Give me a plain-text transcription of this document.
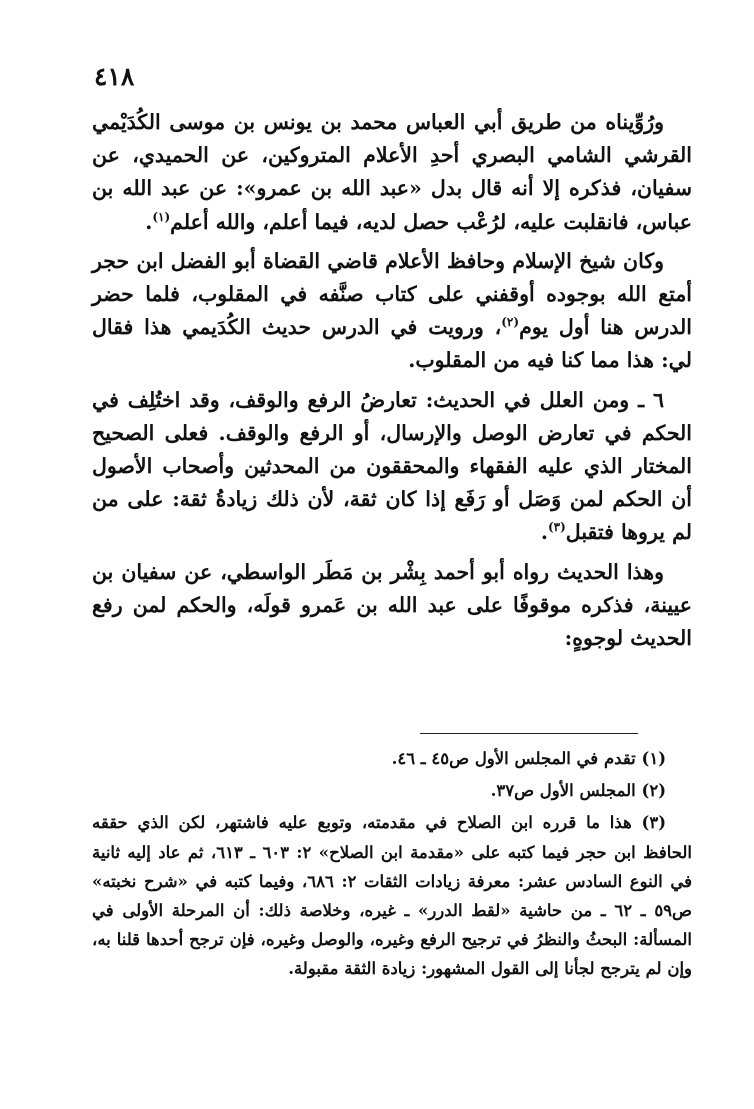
٤١٨

ورُوِّيناه من طريق أبي العباس محمد بن يونس بن موسى الكُدَيْمي القرشي الشامي البصري أحدِ الأعلام المتروكين، عن الحميدي، عن سفيان، فذكره إلا أنه قال بدل «عبد الله بن عمرو»: عن عبد الله بن عباس، فانقلبت عليه، لرُعْب حصل لديه، فيما أعلم، والله أعلم$^{(١)}$.

وكان شيخ الإسلام وحافظ الأعلام قاضي القضاة أبو الفضل ابن حجر أمتع الله بوجوده أوقفني على كتاب صنَّفه في المقلوب، فلما حضر الدرس هنا أول يوم$^{(٢)}$، ورويت في الدرس حديث الكُدَيمي هذا فقال لي: هذا مما كنا فيه من المقلوب.

٦ ـ ومن العلل في الحديث: تعارضُ الرفع والوقف، وقد اختُلِف في الحكم في تعارض الوصل والإرسال، أو الرفع والوقف. فعلى الصحيح المختار الذي عليه الفقهاء والمحققون من المحدثين وأصحاب الأصول أن الحكم لمن وَصَل أو رَفَع إذا كان ثقة، لأن ذلك زيادةُ ثقة: على من لم يروها فتقبل$^{(٣)}$.

وهذا الحديث رواه أبو أحمد بِشْر بن مَطَر الواسطي، عن سفيان بن عيينة، فذكره موقوفًا على عبد الله بن عَمرو قولَه، والحكم لمن رفع الحديث لوجوهٍ:

(١) تقدم في المجلس الأول ص٤٥ ـ ٤٦.

(٢) المجلس الأول ص٣٧.

(٣) هذا ما قرره ابن الصلاح في مقدمته، وتوبع عليه فاشتهر، لكن الذي حققه الحافظ ابن حجر فيما كتبه على «مقدمة ابن الصلاح» ٢: ٦٠٣ ـ ٦١٣، ثم عاد إليه ثانية في النوع السادس عشر: معرفة زيادات الثقات ٢: ٦٨٦، وفيما كتبه في «شرح نخبته» ص٥٩ ـ ٦٢ ـ من حاشية «لقط الدرر» ـ غيره، وخلاصة ذلك: أن المرحلة الأولى في المسألة: البحثُ والنظرُ في ترجيح الرفع وغيره، والوصل وغيره، فإن ترجح أحدها قلنا به، وإن لم يترجح لجأنا إلى القول المشهور: زيادة الثقة مقبولة.
